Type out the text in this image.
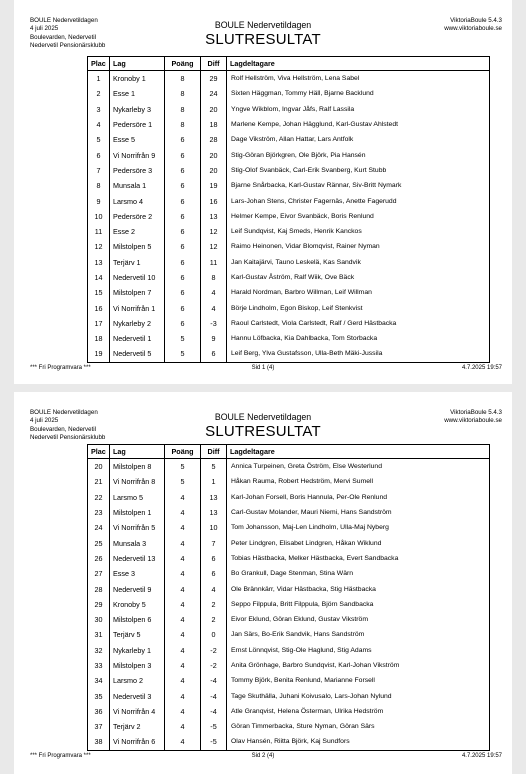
BOULE Nedervetildagen
4 juli 2025
Boulevarden, Nedervetil
Nedervetil Pensionärsklubb
BOULE Nedervetildagen
SLUTRESULTAT
ViktoriaBoule 5.4.3
www.viktoriaboule.se
Plac	Lag	Poäng	Diff	Lagdeltagare
1	Kronoby 1	8	29	Rolf Hellström, Viva Hellström, Lena Sabel
2	Esse 1	8	24	Sixten Häggman, Tommy Häll, Bjarne Backlund
3	Nykarleby 3	8	20	Yngve Wikblom, Ingvar Jåfs, Ralf Lassila
4	Pedersöre 1	8	18	Marlene Kempe, Johan Hägglund, Karl-Gustav Ahlstedt
5	Esse 5	6	28	Dage Vikström, Allan Hattar, Lars Antfolk
6	Vi Norrifrån 9	6	20	Stig-Göran Björkgren, Ole Björk, Pia Hansén
7	Pedersöre 3	6	20	Stig-Olof Svanbäck, Carl-Erik Svanberg, Kurt Stubb
8	Munsala 1	6	19	Bjarne Snårbacka, Karl-Gustav Rännar, Siv-Britt Nymark
9	Larsmo 4	6	16	Lars-Johan Stens, Christer Fagernäs, Anette Fagerudd
10	Pedersöre 2	6	13	Helmer Kempe, Eivor Svanbäck, Boris Renlund
11	Esse 2	6	12	Leif Sundqvist, Kaj Smeds, Henrik Kanckos
12	Milstolpen 5	6	12	Raimo Heinonen, Vidar Blomqvist, Rainer Nyman
13	Terjärv 1	6	11	Jan Kaitajärvi, Tauno Leskelä, Kas Sandvik
14	Nedervetil 10	6	8	Karl-Gustav Åström, Ralf Wiik, Ove Bäck
15	Milstolpen 7	6	4	Harald Nordman, Barbro Willman, Leif Willman
16	Vi Norrifrån 1	6	4	Börje Lindholm, Egon Biskop, Leif Stenkvist
17	Nykarleby 2	6	-3	Raoul Carlstedt, Viola Carlstedt, Ralf / Gerd Hästbacka
18	Nedervetil 1	5	9	Hannu Löfbacka, Kia Dahlbacka, Tom Storbacka
19	Nedervetil 5	5	6	Leif Berg, Ylva Gustafsson, Ulla-Beth Mäki-Jussila
*** Fri Programvara ***	Sid 1 (4)	4.7.2025 19:57
BOULE Nedervetildagen
4 juli 2025
Boulevarden, Nedervetil
Nedervetil Pensionärsklubb
BOULE Nedervetildagen
SLUTRESULTAT
ViktoriaBoule 5.4.3
www.viktoriaboule.se
Plac	Lag	Poäng	Diff	Lagdeltagare
20	Milstolpen 8	5	5	Annica Turpeinen, Greta Öström, Else Westerlund
21	Vi Norrifrån 8	5	1	Håkan Rauma, Robert Hedström, Mervi Sumell
22	Larsmo 5	4	13	Karl-Johan Forsell, Boris Hannula, Per-Ole Renlund
23	Milstolpen 1	4	13	Carl-Gustav Molander, Mauri Niemi, Hans Sandström
24	Vi Norrifrån 5	4	10	Tom Johansson, Maj-Len Lindholm, Ulla-Maj Nyberg
25	Munsala 3	4	7	Peter Lindgren, Elisabet Lindgren, Håkan Wiklund
26	Nedervetil 13	4	6	Tobias Hästbacka, Melker Hästbacka, Evert Sandbacka
27	Esse 3	4	6	Bo Grankull, Dage Stenman, Stina Wärn
28	Nedervetil 9	4	4	Ole Brännkärr, Vidar Hästbacka, Stig Hästbacka
29	Kronoby 5	4	2	Seppo Filppula, Britt Filppula, Björn Sandbacka
30	Milstolpen 6	4	2	Eivor Eklund, Göran Eklund, Gustav Vikström
31	Terjärv 5	4	0	Jan Särs, Bo-Erik Sandvik, Hans Sandström
32	Nykarleby 1	4	-2	Ernst Lönnqvist, Stig-Ole Haglund, Stig Adams
33	Milstolpen 3	4	-2	Anita Grönhage, Barbro Sundqvist, Karl-Johan Vikström
34	Larsmo 2	4	-4	Tommy Björk, Benita Renlund, Marianne Forsell
35	Nedervetil 3	4	-4	Tage Skuthälla, Juhani Koivusalo, Lars-Johan Nylund
36	Vi Norrifrån 4	4	-4	Atle Granqvist, Helena Österman, Ulrika Hedström
37	Terjärv 2	4	-5	Göran Timmerbacka, Sture Nyman, Göran Särs
38	Vi Norrifrån 6	4	-5	Olav Hansén, Riitta Björk, Kaj Sundfors
*** Fri Programvara ***	Sid 2 (4)	4.7.2025 19:57
